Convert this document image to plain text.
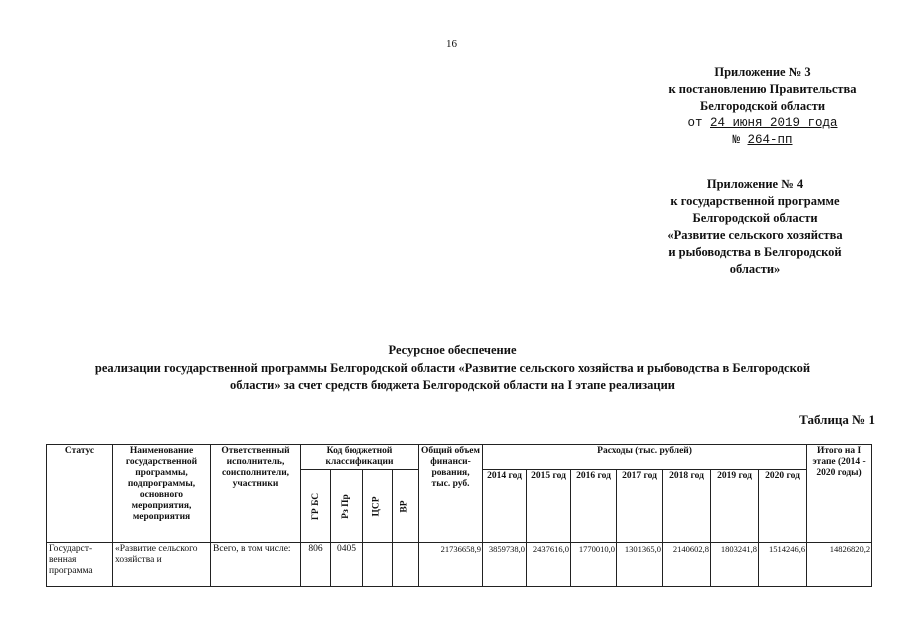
16
Приложение № 3
к постановлению Правительства
Белгородской области
от 24 июня 2019 года
№ 264-пп
Приложение № 4
к государственной программе
Белгородской области
«Развитие сельского хозяйства
и рыбоводства в Белгородской
области»
Ресурсное обеспечение
реализации государственной программы Белгородской области «Развитие сельского хозяйства и рыбоводства в Белгородской
области» за счет средств бюджета Белгородской области на I этапе реализации
Таблица № 1
Статус	Наименование государственной программы, подпрограммы, основного мероприятия, мероприятия	Ответственный исполнитель, соисполнители, участники	Код бюджетной классификации				Общий объем финанси-рования, тыс. руб.	Расходы (тыс. рублей)							Итого на I этапе (2014 - 2020 годы)
			ГР БС	Рз Пр	ЦСР	ВР		2014 год	2015 год	2016 год	2017 год	2018 год	2019 год	2020 год	
Государст-венная программа	«Развитие сельского хозяйства и	Всего, в том числе:	806	0405			21736658,9	3859738,0	2437616,0	1770010,0	1301365,0	2140602,8	1803241,8	1514246,6	14826820,2
